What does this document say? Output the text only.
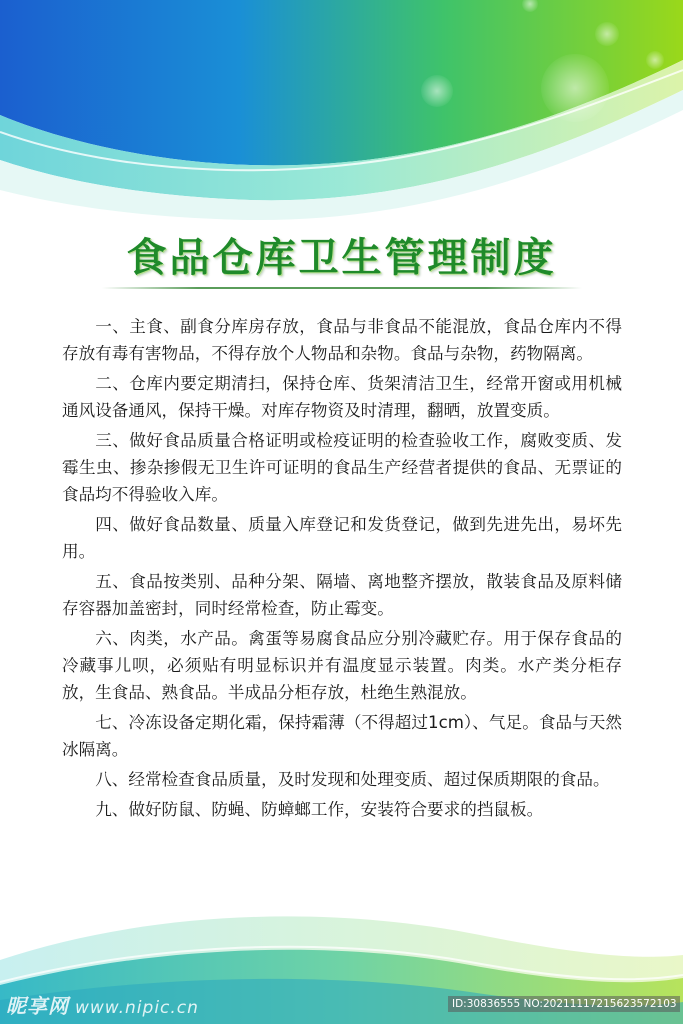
食品仓库卫生管理制度

一、主食、副食分库房存放，食品与非食品不能混放，食品仓库内不得存放有毒有害物品，不得存放个人物品和杂物。食品与杂物，药物隔离。

二、仓库内要定期清扫，保持仓库、货架清洁卫生，经常开窗或用机械通风设备通风，保持干燥。对库存物资及时清理，翻晒，放置变质。

三、做好食品质量合格证明或检疫证明的检查验收工作，腐败变质、发霉生虫、掺杂掺假无卫生许可证明的食品生产经营者提供的食品、无票证的食品均不得验收入库。

四、做好食品数量、质量入库登记和发货登记，做到先进先出，易坏先用。

五、食品按类别、品种分架、隔墙、离地整齐摆放，散装食品及原料储存容器加盖密封，同时经常检查，防止霉变。

六、肉类，水产品。禽蛋等易腐食品应分别冷藏贮存。用于保存食品的冷藏事儿呗，必须贴有明显标识并有温度显示装置。肉类。水产类分柜存放，生食品、熟食品。半成品分柜存放，杜绝生熟混放。

七、冷冻设备定期化霜，保持霜薄（不得超过1cm）、气足。食品与天然冰隔离。

八、经常检查食品质量，及时发现和处理变质、超过保质期限的食品。

九、做好防鼠、防蝇、防蟑螂工作，安装符合要求的挡鼠板。

昵享网 www.nipic.cn	ID:30836555 NO:20211117215623572103
